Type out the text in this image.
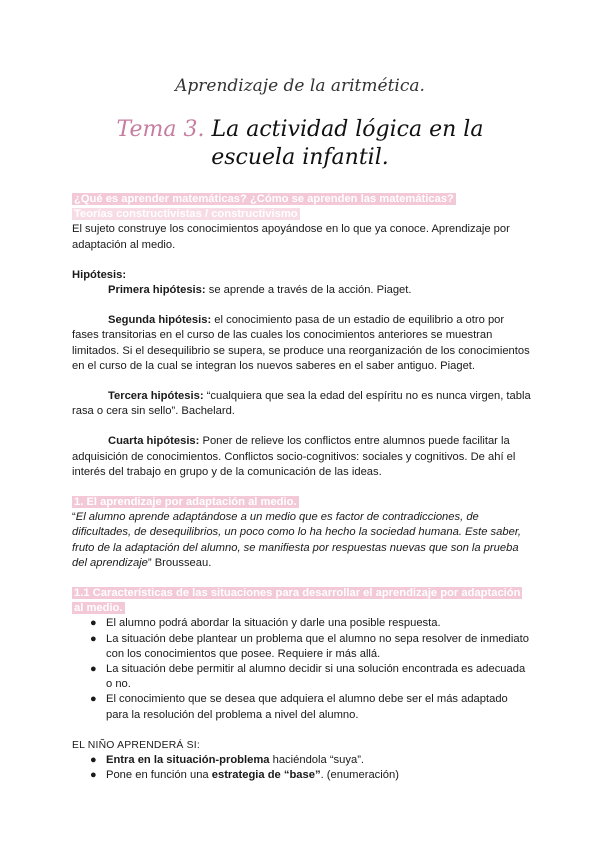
Aprendizaje de la aritmética.
Tema 3. La actividad lógica en la
escuela infantil.

¿Qué es aprender matemáticas? ¿Cómo se aprenden las matemáticas?

Teorías constructivistas / constructivismo

El sujeto construye los conocimientos apoyándose en lo que ya conoce. Aprendizaje por adaptación al medio.

Hipótesis:

Primera hipótesis: se aprende a través de la acción. Piaget.

Segunda hipótesis: el conocimiento pasa de un estadio de equilibrio a otro por fases transitorias en el curso de las cuales los conocimientos anteriores se muestran limitados. Si el desequilibrio se supera, se produce una reorganización de los conocimientos en el curso de la cual se integran los nuevos saberes en el saber antiguo. Piaget.

Tercera hipótesis: “cualquiera que sea la edad del espíritu no es nunca virgen, tabla rasa o cera sin sello”. Bachelard.

Cuarta hipótesis: Poner de relieve los conflictos entre alumnos puede facilitar la adquisición de conocimientos. Conflictos socio-cognitivos: sociales y cognitivos. De ahí el interés del trabajo en grupo y de la comunicación de las ideas.

1. El aprendizaje por adaptación al medio.

“El alumno aprende adaptándose a un medio que es factor de contradicciones, de dificultades, de desequilibrios, un poco como lo ha hecho la sociedad humana. Este saber, fruto de la adaptación del alumno, se manifiesta por respuestas nuevas que son la prueba del aprendizaje” Brousseau.

1.1 Características de las situaciones para desarrollar el aprendizaje por adaptación al medio.

● El alumno podrá abordar la situación y darle una posible respuesta.
● La situación debe plantear un problema que el alumno no sepa resolver de inmediato con los conocimientos que posee. Requiere ir más allá.
● La situación debe permitir al alumno decidir si una solución encontrada es adecuada o no.
● El conocimiento que se desea que adquiera el alumno debe ser el más adaptado para la resolución del problema a nivel del alumno.

EL NIÑO APRENDERÁ SI:

● Entra en la situación-problema haciéndola “suya”.
● Pone en función una estrategia de “base”. (enumeración)
